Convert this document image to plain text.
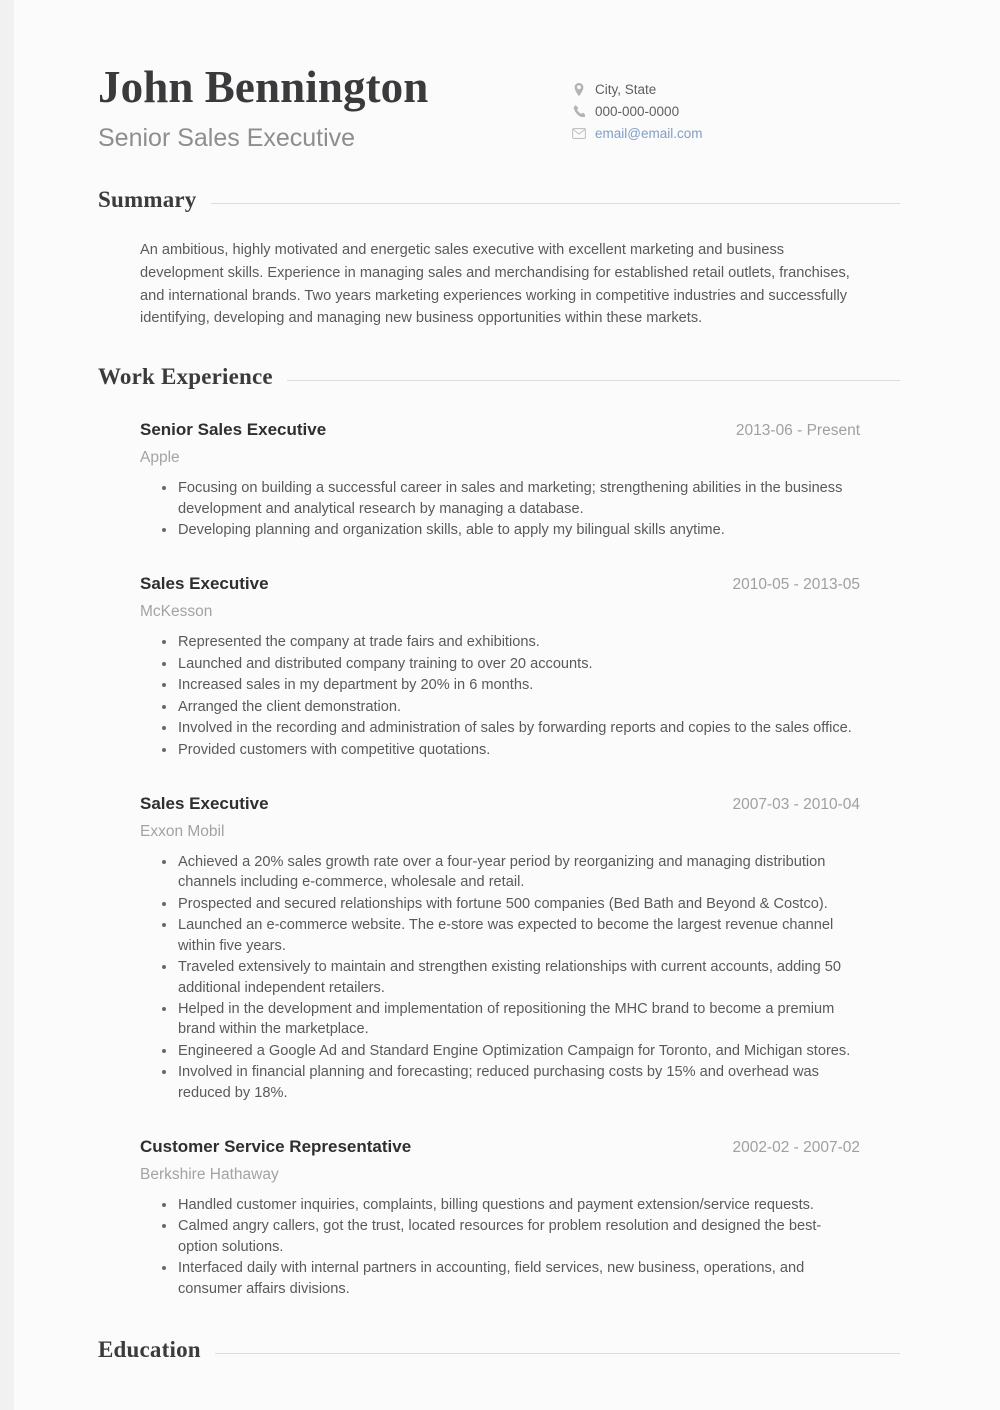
John Bennington
Senior Sales Executive
City, State
000-000-0000
email@email.com
Summary

An ambitious, highly motivated and energetic sales executive with excellent marketing and business development skills. Experience in managing sales and merchandising for established retail outlets, franchises, and international brands. Two years marketing experiences working in competitive industries and successfully identifying, developing and managing new business opportunities within these markets.

Work Experience
Senior Sales Executive	2013-06 - Present
Apple
Focusing on building a successful career in sales and marketing; strengthening abilities in the business development and analytical research by managing a database.
Developing planning and organization skills, able to apply my bilingual skills anytime.
Sales Executive	2010-05 - 2013-05
McKesson
Represented the company at trade fairs and exhibitions.
Launched and distributed company training to over 20 accounts.
Increased sales in my department by 20% in 6 months.
Arranged the client demonstration.
Involved in the recording and administration of sales by forwarding reports and copies to the sales office.
Provided customers with competitive quotations.
Sales Executive	2007-03 - 2010-04
Exxon Mobil
Achieved a 20% sales growth rate over a four-year period by reorganizing and managing distribution channels including e-commerce, wholesale and retail.
Prospected and secured relationships with fortune 500 companies (Bed Bath and Beyond & Costco).
Launched an e-commerce website. The e-store was expected to become the largest revenue channel within five years.
Traveled extensively to maintain and strengthen existing relationships with current accounts, adding 50 additional independent retailers.
Helped in the development and implementation of repositioning the MHC brand to become a premium brand within the marketplace.
Engineered a Google Ad and Standard Engine Optimization Campaign for Toronto, and Michigan stores.
Involved in financial planning and forecasting; reduced purchasing costs by 15% and overhead was reduced by 18%.
Customer Service Representative	2002-02 - 2007-02
Berkshire Hathaway
Handled customer inquiries, complaints, billing questions and payment extension/service requests.
Calmed angry callers, got the trust, located resources for problem resolution and designed the best-option solutions.
Interfaced daily with internal partners in accounting, field services, new business, operations, and consumer affairs divisions.
Education
